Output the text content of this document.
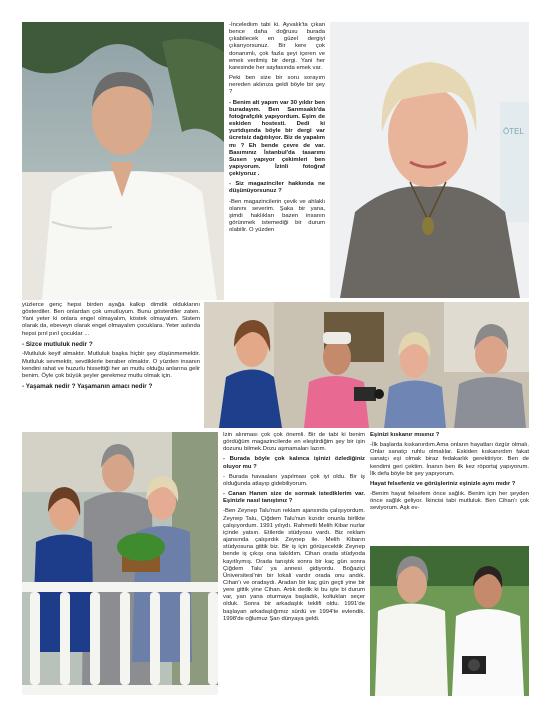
-İncelediım tabi ki. Ayvalık'ta çıkan bence daha doğrusu burada çıkabilecek en güzel dergiyi çıkarıyorsunuz. Bir kere çok donanımlı, çok fazla şeyi içeren ve emek verilmiş bir dergi. Yani her karesinde her sayfasında emek var.

Peki ben size bir soru sorayım nereden aklınıza geldi böyle bir şey ?

- Benim alt yapım var 30 yıldır ben buradayım. Ben Sarımsaklı'da fotoğrafçılık yapıyordum. Eşim de eskiden hostesti. Dedi ki yurtdışında böyle bir dergi var ücretsiz dağıtılıyor. Biz de yapalım mı ? Eh bende çevre de var. Basımınız İstanbul'da tasarımı Susen yapıyor çekimleri ben yapıyorum. İzinli fotoğraf çekiyoruz .

- Siz magazinciler hakkında ne düşünüyorsunuz ?

-Ben magazincilerin çevik ve ahlaklı olanını severim. Şaka bir yana, şimdi haklıkları bazen insanın görünmek istemediği bir durum olabilir. O yüzden

ÖTEL

yüzlerce genç hepsi birden ayağa kalkıp dimdik olduklarını gösterdiler. Ben onlardan çok umutluyum. Bunu gösterdiler zaten. Yani yeter ki onlara engel olmayalım, köstek olmayalım. Sistem olarak da, ebeveyn olarak engel olmayalım çocuklara. Yeter aslında hepsi pırıl pırıl çocuklar ...

- Sizce mutluluk nedir ?

-Mutluluk keyif almaktır. Mutluluk başka hiçbir şey düşünmemektir. Mutluluk sevmektir, sevdiklerle beraber olmaktır. O yüzden insanın kendini rahat ve huzurlu hissettiği her an mutlu olduğu anlarına gelir benim. Öyle çok büyük şeyler gerekmez mutlu olmak için.

- Yaşamak nedir ? Yaşamanın amacı nedir ?

İzin alınması çok çok önemli. Bir de tabi ki benim gördüğüm magazincilerde en eleştirdiğim şey bir işin dozunu bilmek.Dozu aşmamaları lazım.

- Burada böyle çok kalınca işinizi özlediğiniz oluyor mu ?

- Burada havaalanı yapılması çok iyi oldu. Bir iş olduğunda atlayıp gidebiliyorum.

- Canan Hanım size de sormak istediklerim var. Eşinizle nasıl tanıştınız ?

-Ben Zeynep Talu'nun reklam ajansında çalışıyordum. Zeynep Talu, Çiğdem Talu'nun kızıdır onunla birlikte çalışıyordum. 1991 yılıydı. Rahmetli Melih Kibar nurlar içinde yatsın. Etilerde stüdyosu vardı. Biz reklam ajansında çalışırdık Zeynep ile. Melih Kibarın stüdyosuna gittik biz. Bir iş için görüşecektik Zeynep bende iş çıkışı ona takıldım. Cihan orada stüdyoda kayıtlıymış. Orada tanıştık sonra bir kaç gün sonra Çiğdem Talu' ya annesi gidiyordu. Boğaziçi Üniversitesi'nin bir lokali vardır orada onu andık. Cihan'ı ve oradaydı. Aradan bir kaç gün geçti yine bir yere gittik yine Cihan. Artık dedik ki bu işte bi durum var, yan yana oturmaya başladık, koltukları seçer olduk. Sonra bir arkadaşlık teklifi oldu. 1991'de başlayan arkadaşlığımız sürdü ve 1994'te evlendik. 1998'de oğlumuz Şan dünyaya geldi.

Eşinizi kıskanır mısınız ?

-İlk başlarda kıskanırdım.Ama onların hayatları özgür olmalı. Onlar sanatçı ruhlu olmalılar. Eskiden kıskanırdım fakat sanatçı eşi olmak biraz fedakarlık gerektiriyor. Ben de kendimi geri çektim. İnanın ben ilk kez röportaj yapıyorum. İlk defa böyle bir şey yapıyorum.

Hayat felsefeniz ve görüşleriniz eşinizle aynı mıdır ?

-Benim hayat felsefem önce sağlık. Benim için her şeyden önce sağlık geliyor. İkincisi tabi mutluluk. Ben Cihan'ı çok seviyorum. Aşk ev-
